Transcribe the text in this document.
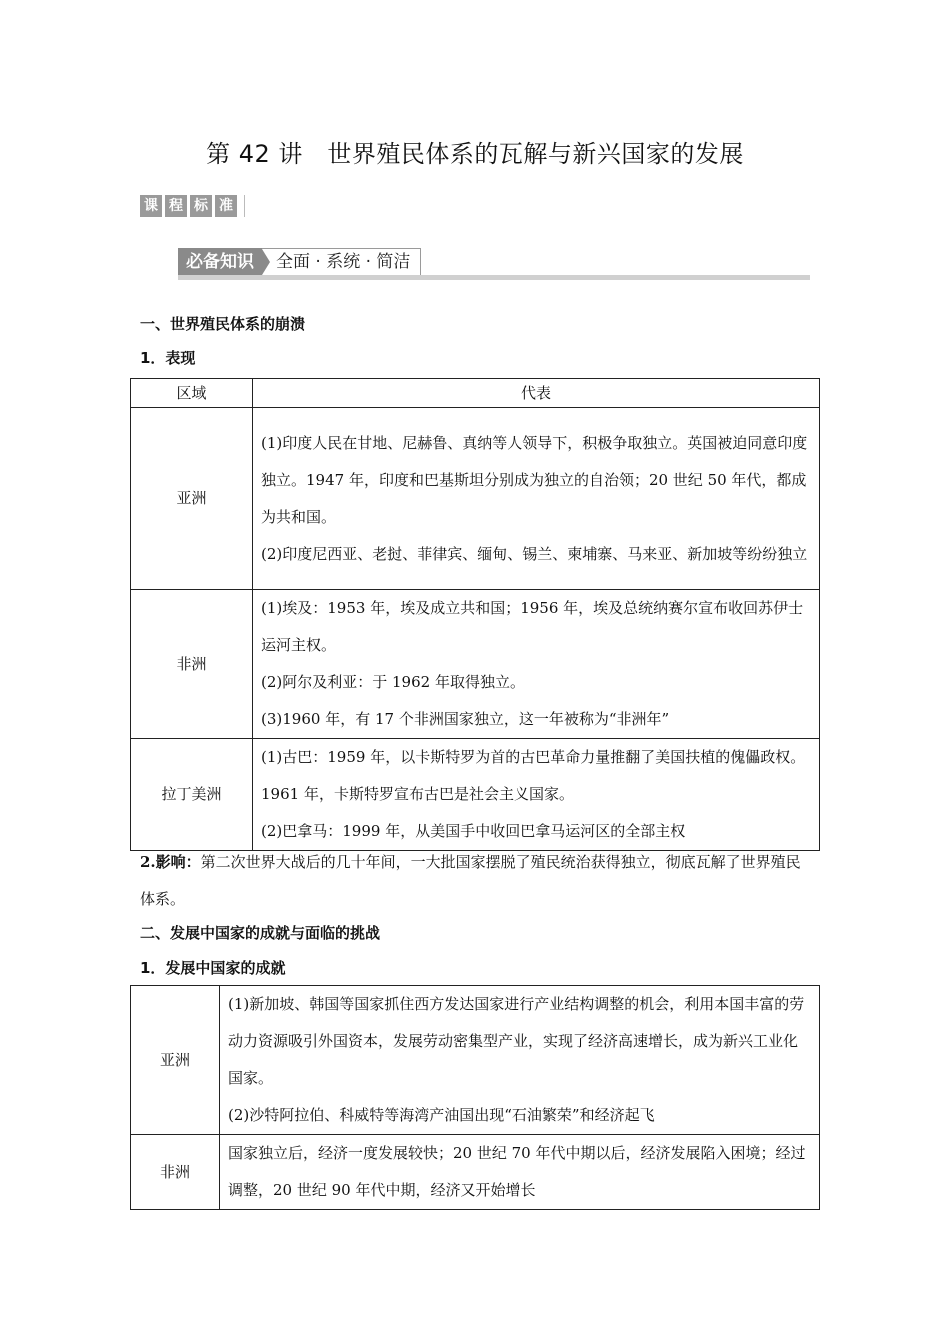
第 42 讲　世界殖民体系的瓦解与新兴国家的发展
课 程 标 准
必备知识	全面 · 系统 · 简洁
一、世界殖民体系的崩溃
1．表现
区域	代表
亚洲	(1)印度人民在甘地、尼赫鲁、真纳等人领导下，积极争取独立。英国被迫同意印度独立。1947 年，印度和巴基斯坦分别成为独立的自治领；20 世纪 50 年代，都成为共和国。
(2)印度尼西亚、老挝、菲律宾、缅甸、锡兰、柬埔寨、马来亚、新加坡等纷纷独立

非洲	(1)埃及：1953 年，埃及成立共和国；1956 年，埃及总统纳赛尔宣布收回苏伊士运河主权。
(2)阿尔及利亚：于 1962 年取得独立。
(3)1960 年，有 17 个非洲国家独立，这一年被称为“非洲年”

拉丁美洲	(1)古巴：1959 年，以卡斯特罗为首的古巴革命力量推翻了美国扶植的傀儡政权。1961 年，卡斯特罗宣布古巴是社会主义国家。
(2)巴拿马：1999 年，从美国手中收回巴拿马运河区的全部主权
2.影响：第二次世界大战后的几十年间，一大批国家摆脱了殖民统治获得独立，彻底瓦解了世界殖民体系。
二、发展中国家的成就与面临的挑战
1．发展中国家的成就
亚洲	(1)新加坡、韩国等国家抓住西方发达国家进行产业结构调整的机会，利用本国丰富的劳动力资源吸引外国资本，发展劳动密集型产业，实现了经济高速增长，成为新兴工业化国家。
(2)沙特阿拉伯、科威特等海湾产油国出现“石油繁荣”和经济起飞

非洲	国家独立后，经济一度发展较快；20 世纪 70 年代中期以后，经济发展陷入困境；经过调整，20 世纪 90 年代中期，经济又开始增长
